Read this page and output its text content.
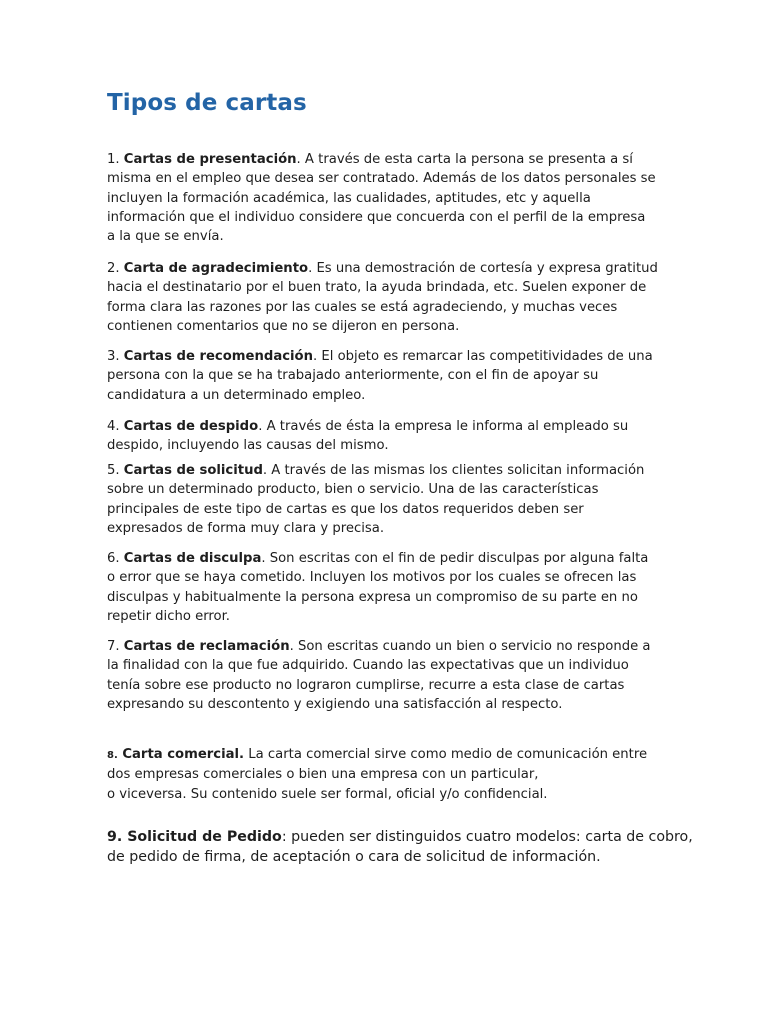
Tipos de cartas

1. Cartas de presentación. A través de esta carta la persona se presenta a sí
misma en el empleo que desea ser contratado. Además de los datos personales se
incluyen la formación académica, las cualidades, aptitudes, etc y aquella
información que el individuo considere que concuerda con el perfil de la empresa
a la que se envía.

2. Carta de agradecimiento. Es una demostración de cortesía y expresa gratitud
hacia el destinatario por el buen trato, la ayuda brindada, etc. Suelen exponer de
forma clara las razones por las cuales se está agradeciendo, y muchas veces
contienen comentarios que no se dijeron en persona.

3. Cartas de recomendación. El objeto es remarcar las competitividades de una
persona con la que se ha trabajado anteriormente, con el fin de apoyar su
candidatura a un determinado empleo.

4. Cartas de despido. A través de ésta la empresa le informa al empleado su
despido, incluyendo las causas del mismo.

5. Cartas de solicitud. A través de las mismas los clientes solicitan información
sobre un determinado producto, bien o servicio. Una de las características
principales de este tipo de cartas es que los datos requeridos deben ser
expresados de forma muy clara y precisa.

6. Cartas de disculpa. Son escritas con el fin de pedir disculpas por alguna falta
o error que se haya cometido. Incluyen los motivos por los cuales se ofrecen las
disculpas y habitualmente la persona expresa un compromiso de su parte en no
repetir dicho error.

7. Cartas de reclamación. Son escritas cuando un bien o servicio no responde a
la finalidad con la que fue adquirido. Cuando las expectativas que un individuo
tenía sobre ese producto no lograron cumplirse, recurre a esta clase de cartas
expresando su descontento y exigiendo una satisfacción al respecto.

8. Carta comercial. La carta comercial sirve como medio de comunicación entre
dos empresas comerciales o bien una empresa con un particular,
o viceversa. Su contenido suele ser formal, oficial y/o confidencial.

9. Solicitud de Pedido: pueden ser distinguidos cuatro modelos: carta de cobro,
de pedido de firma, de aceptación o cara de solicitud de información.
